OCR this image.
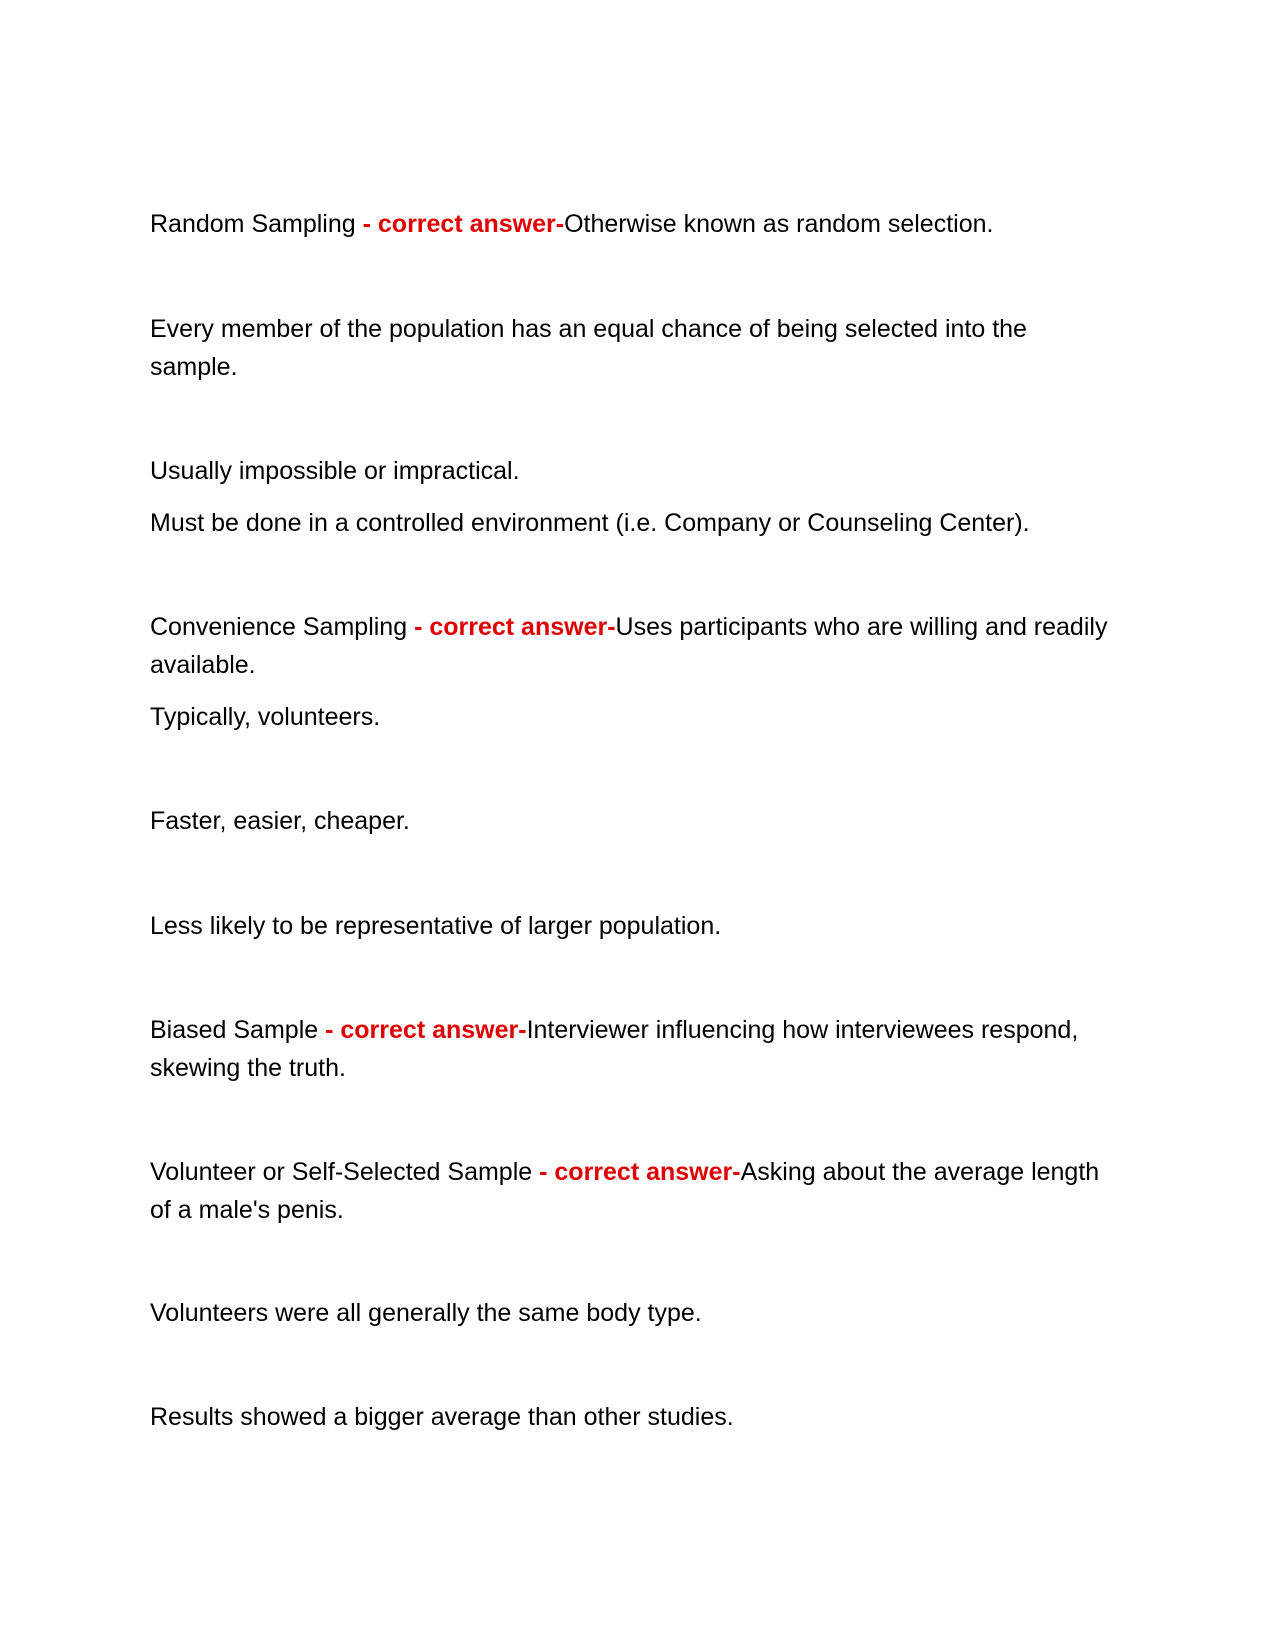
Random Sampling - correct answer-Otherwise known as random selection.
Every member of the population has an equal chance of being selected into the sample.
Usually impossible or impractical.
Must be done in a controlled environment (i.e. Company or Counseling Center).
Convenience Sampling - correct answer-Uses participants who are willing and readily available.
Typically, volunteers.
Faster, easier, cheaper.
Less likely to be representative of larger population.
Biased Sample - correct answer-Interviewer influencing how interviewees respond, skewing the truth.
Volunteer or Self-Selected Sample - correct answer-Asking about the average length of a male's penis.
Volunteers were all generally the same body type.
Results showed a bigger average than other studies.
